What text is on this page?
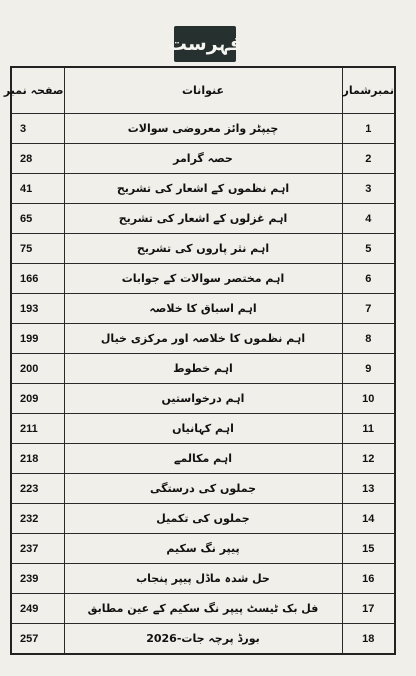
فہرست
نمبرشمار	عنوانات	صفحہ نمبر
1	چیپٹر وائز معروضی سوالات	3
2	حصہ گرامر	28
3	اہم نظموں کے اشعار کی تشریح	41
4	اہم غزلوں کے اشعار کی تشریح	65
5	اہم نثر پاروں کی تشریح	75
6	اہم مختصر سوالات کے جوابات	166
7	اہم اسباق کا خلاصہ	193
8	اہم نظموں کا خلاصہ اور مرکزی خیال	199
9	اہم خطوط	200
10	اہم درخواستیں	209
11	اہم کہانیاں	211
12	اہم مکالمے	218
13	جملوں کی درستگی	223
14	جملوں کی تکمیل	232
15	پیپر نگ سکیم	237
16	حل شدہ ماڈل پیپر پنجاب	239
17	فل بک ٹیسٹ پیپر نگ سکیم کے عین مطابق	249
18	بورڈ پرچہ جات-2026	257
